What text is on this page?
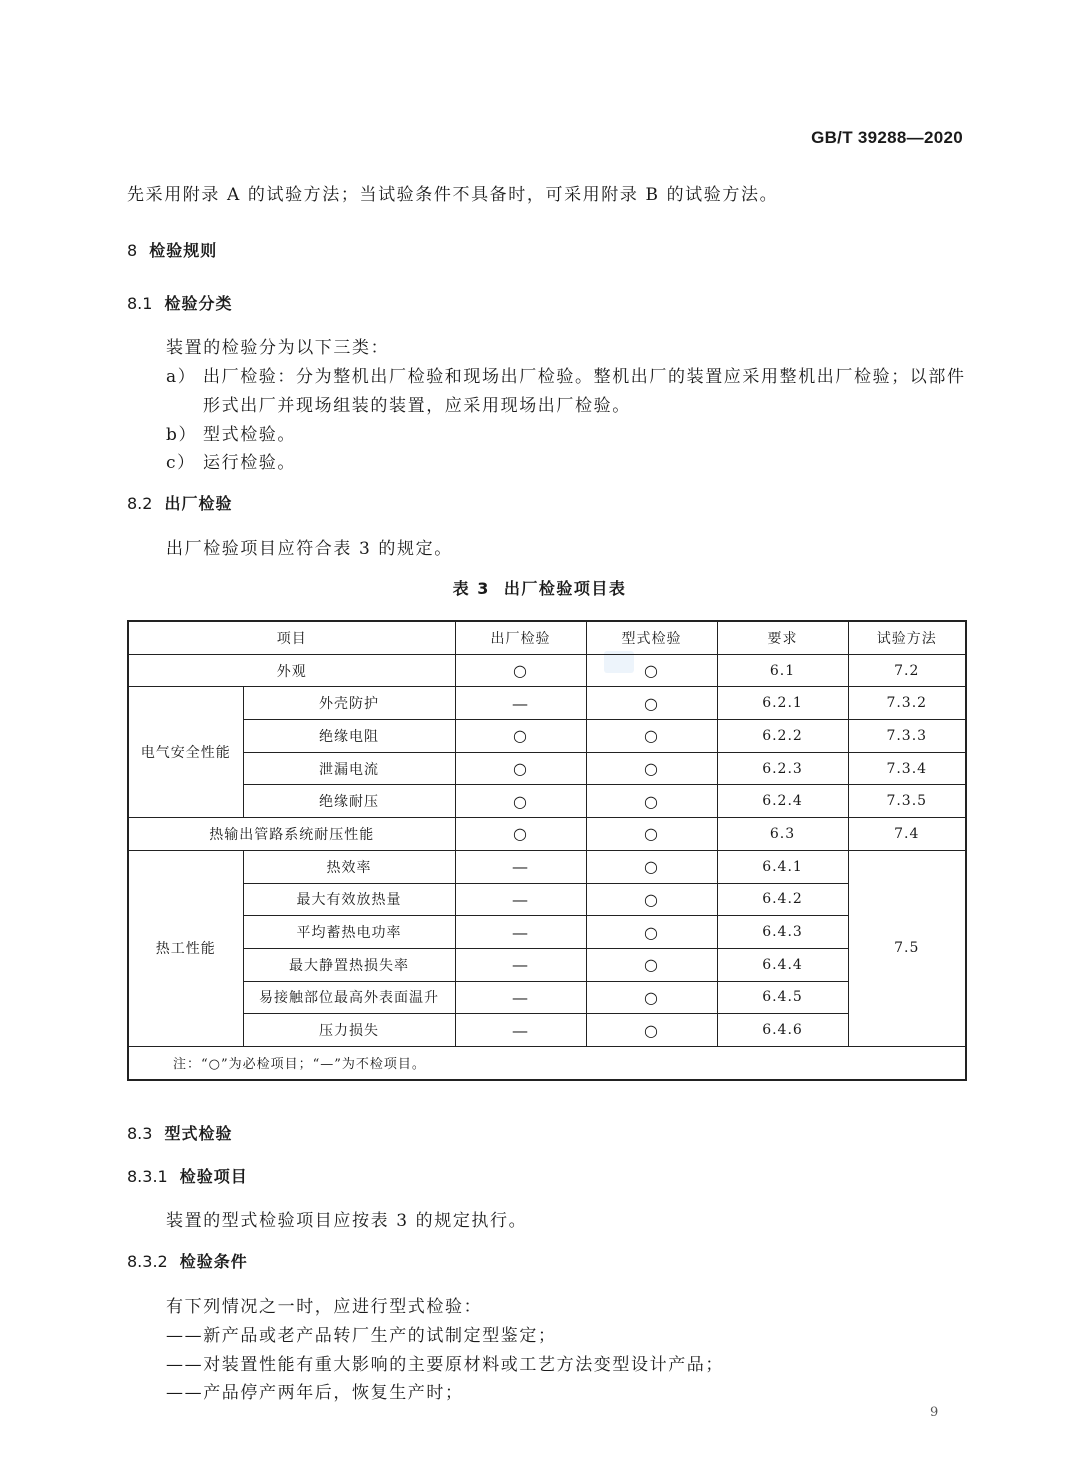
GB/T 39288—2020
先采用附录 A 的试验方法；当试验条件不具备时，可采用附录 B 的试验方法。
8 检验规则
8.1 检验分类
装置的检验分为以下三类：
a） 出厂检验：分为整机出厂检验和现场出厂检验。整机出厂的装置应采用整机出厂检验；以部件
形式出厂并现场组装的装置，应采用现场出厂检验。
b） 型式检验。
c） 运行检验。
8.2 出厂检验
出厂检验项目应符合表 3 的规定。
表 3 出厂检验项目表
项目		出厂检验	型式检验	要求	试验方法
外观		○	○	6.1	7.2
电气安全性能	外壳防护	—	○	6.2.1	7.3.2
	绝缘电阻	○	○	6.2.2	7.3.3
	泄漏电流	○	○	6.2.3	7.3.4
	绝缘耐压	○	○	6.2.4	7.3.5
热输出管路系统耐压性能		○	○	6.3	7.4
热工性能	热效率	—	○	6.4.1	7.5
	最大有效放热量	—	○	6.4.2	
	平均蓄热电功率	—	○	6.4.3	
	最大静置热损失率	—	○	6.4.4	
	易接触部位最高外表面温升	—	○	6.4.5	
	压力损失	—	○	6.4.6	
注：“○”为必检项目；“—”为不检项目。					
8.3 型式检验
8.3.1 检验项目
装置的型式检验项目应按表 3 的规定执行。
8.3.2 检验条件
有下列情况之一时，应进行型式检验：
——新产品或老产品转厂生产的试制定型鉴定；
——对装置性能有重大影响的主要原材料或工艺方法变型设计产品；
——产品停产两年后，恢复生产时；
9
